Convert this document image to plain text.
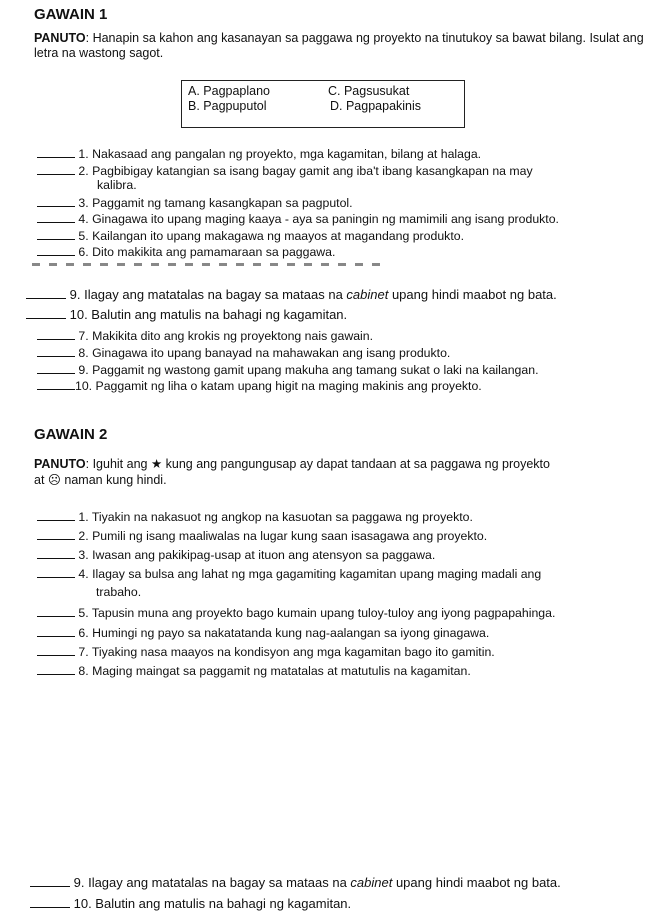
GAWAIN 1
PANUTO: Hanapin sa kahon ang kasanayan sa paggawa ng proyekto na tinutukoy sa bawat bilang. Isulat ang letra na wastong sagot.
A. Pagpaplano	C. Pagsusukat
B. Pagpuputol	D. Pagpapakinis
1. Nakasaad ang pangalan ng proyekto, mga kagamitan, bilang at halaga.
2. Pagbibigay katangian sa isang bagay gamit ang iba't ibang kasangkapan na may
kalibra.
3. Paggamit ng tamang kasangkapan sa pagputol.
4. Ginagawa ito upang maging kaaya - aya sa paningin ng mamimili ang isang produkto.
5. Kailangan ito upang makagawa ng maayos at magandang produkto.
6. Dito makikita ang pamamaraan sa paggawa.
9. Ilagay ang matatalas na bagay sa mataas na cabinet upang hindi maabot ng bata.
10. Balutin ang matulis na bahagi ng kagamitan.
7. Makikita dito ang krokis ng proyektong nais gawain.
8. Ginagawa ito upang banayad na mahawakan ang isang produkto.
9. Paggamit ng wastong gamit upang makuha ang tamang sukat o laki na kailangan.
10. Paggamit ng liha o katam upang higit na maging makinis ang proyekto.
GAWAIN 2
PANUTO: Iguhit ang ★ kung ang pangungusap ay dapat tandaan at sa paggawa ng proyekto
at ☹ naman kung hindi.
1. Tiyakin na nakasuot ng angkop na kasuotan sa paggawa ng proyekto.
2. Pumili ng isang maaliwalas na lugar kung saan isasagawa ang proyekto.
3. Iwasan ang pakikipag-usap at ituon ang atensyon sa paggawa.
4. Ilagay sa bulsa ang lahat ng mga gagamiting kagamitan upang maging madali ang
trabaho.
5. Tapusin muna ang proyekto bago kumain upang tuloy-tuloy ang iyong pagpapahinga.
6. Humingi ng payo sa nakatatanda kung nag-aalangan sa iyong ginagawa.
7. Tiyaking nasa maayos na kondisyon ang mga kagamitan bago ito gamitin.
8. Maging maingat sa paggamit ng matatalas at matutulis na kagamitan.
9. Ilagay ang matatalas na bagay sa mataas na cabinet upang hindi maabot ng bata.
10. Balutin ang matulis na bahagi ng kagamitan.
